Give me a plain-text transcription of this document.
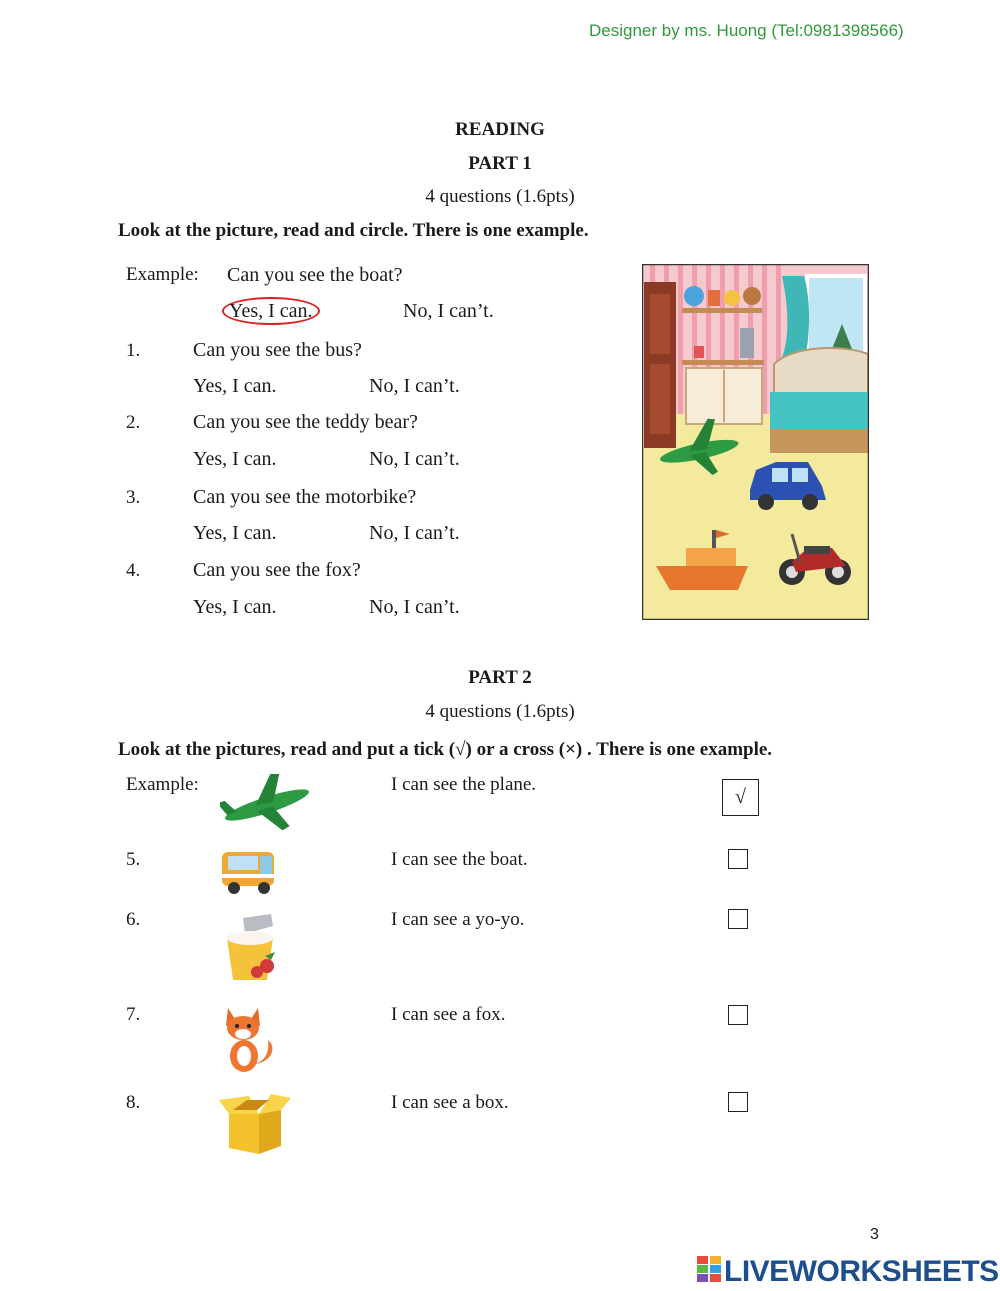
Designer by ms. Huong (Tel:0981398566)
READING
PART 1
4 questions (1.6pts)
Look at the picture, read and circle. There is one example.
Example: Can you see the boat?
Yes, I can.	No, I can’t.
1.	Can you see the bus?
Yes, I can.	No, I can’t.
2.	Can you see the teddy bear?
Yes, I can.	No, I can’t.
3.	Can you see the motorbike?
Yes, I can.	No, I can’t.
4.	Can you see the fox?
Yes, I can.	No, I can’t.
PART 2
4 questions (1.6pts)
Look at the pictures, read and put a tick (√) or a cross (×) . There is one example.
Example:	I can see the plane.
√
5.	I can see the boat.
6.	I can see a yo-yo.
7.	I can see a fox.
8.	I can see a box.
3
LIVEWORKSHEETS
